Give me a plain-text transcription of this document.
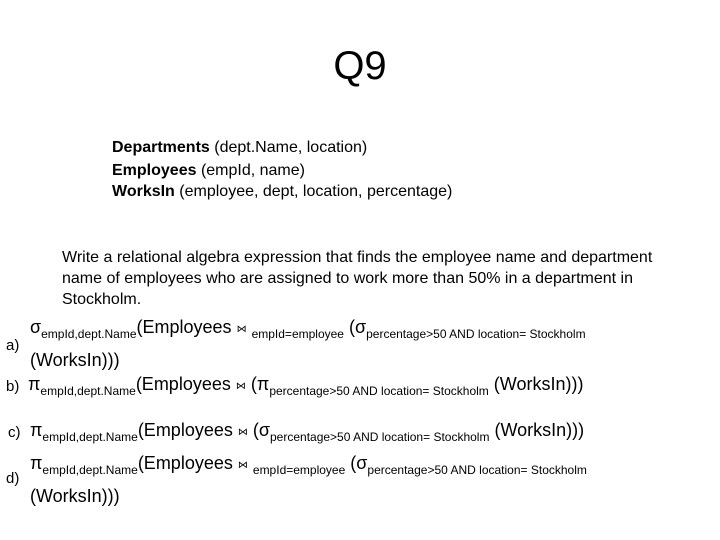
Q9
Departments (dept.Name, location)
Employees (empId, name)
WorksIn (employee, dept, location, percentage)
Write a relational algebra expression that finds the employee name and department name of employees who are assigned to work more than 50% in a department in Stockholm.
a)
$\sigma_{empId,dept.Name}(Employees$ ⋈ $_{empId=employee}$ ($\sigma_{percentage>50 AND location= Stockholm}$
(WorksIn)))
b) $\pi_{empId,dept.Name}(Employees$ ⋈ ($\pi_{percentage>50 AND location= Stockholm}$ (WorksIn)))
c) $\pi_{empId,dept.Name}(Employees$ ⋈ ($\sigma_{percentage>50 AND location= Stockholm}$ (WorksIn)))
d)
$\pi_{empId,dept.Name}(Employees$ ⋈ $_{empId=employee}$ ($\sigma_{percentage>50 AND location= Stockholm}$
(WorksIn)))
